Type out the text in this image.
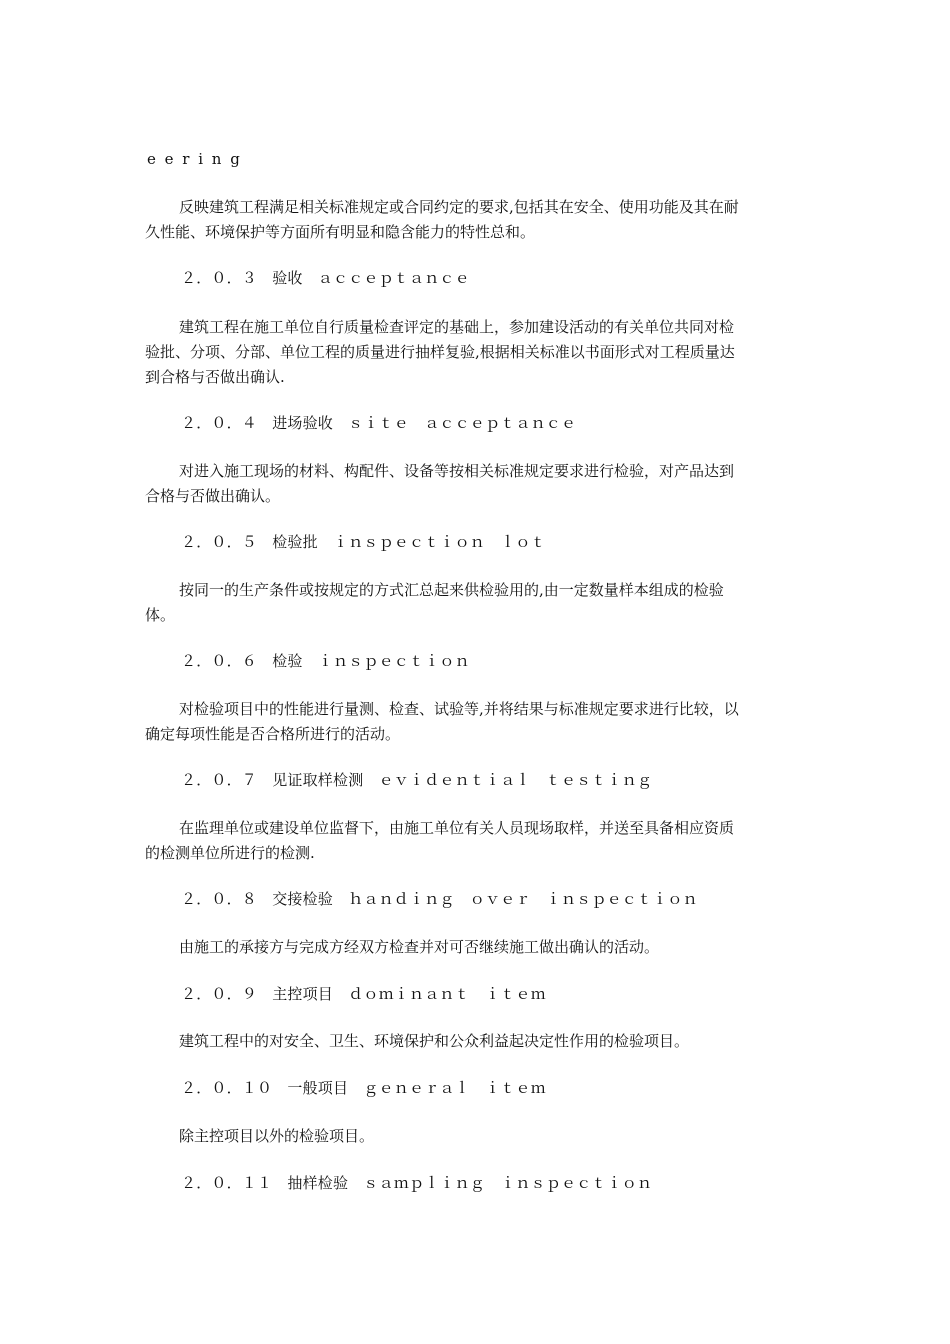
e e r i n g
反映建筑工程满足相关标准规定或合同约定的要求,包括其在安全、使用功能及其在耐
久性能、环境保护等方面所有明显和隐含能力的特性总和。
２．０．３　验收　ａｃｃｅｐｔａｎｃｅ
建筑工程在施工单位自行质量检查评定的基础上，参加建设活动的有关单位共同对检
验批、分项、分部、单位工程的质量进行抽样复验,根据相关标准以书面形式对工程质量达
到合格与否做出确认.
２．０．４　进场验收　ｓｉｔｅ　ａｃｃｅｐｔａｎｃｅ
对进入施工现场的材料、构配件、设备等按相关标准规定要求进行检验，对产品达到
合格与否做出确认。
２．０．５　检验批　ｉｎｓｐｅｃｔｉｏｎ　ｌｏｔ
按同一的生产条件或按规定的方式汇总起来供检验用的,由一定数量样本组成的检验
体。
２．０．６　检验　ｉｎｓｐｅｃｔｉｏｎ
对检验项目中的性能进行量测、检查、试验等,并将结果与标准规定要求进行比较，以
确定每项性能是否合格所进行的活动。
２．０．７　见证取样检测　ｅｖｉｄｅｎｔｉａｌ　ｔｅｓｔｉｎｇ
在监理单位或建设单位监督下，由施工单位有关人员现场取样，并送至具备相应资质
的检测单位所进行的检测.
２．０．８　交接检验　ｈａｎｄｉｎｇ　ｏｖｅｒ　ｉｎｓｐｅｃｔｉｏｎ
由施工的承接方与完成方经双方检查并对可否继续施工做出确认的活动。
２．０．９　主控项目　ｄｏｍｉｎａｎｔ　ｉｔｅｍ
建筑工程中的对安全、卫生、环境保护和公众利益起决定性作用的检验项目。
２．０．１０　一般项目　ｇｅｎｅｒａｌ　ｉｔｅｍ
除主控项目以外的检验项目。
２．０．１１　抽样检验　ｓａｍｐｌｉｎｇ　ｉｎｓｐｅｃｔｉｏｎ
